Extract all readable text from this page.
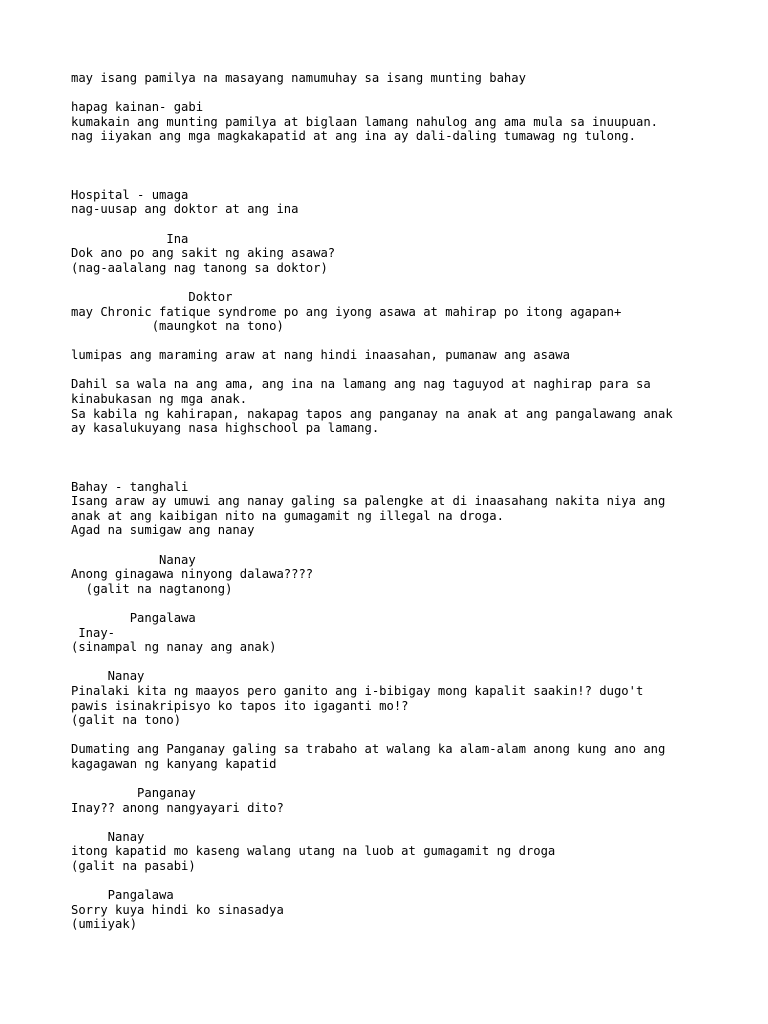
may isang pamilya na masayang namumuhay sa isang munting bahay
hapag kainan- gabi
kumakain ang munting pamilya at biglaan lamang nahulog ang ama mula sa inuupuan.
nag iiyakan ang mga magkakapatid at ang ina ay dali-daling tumawag ng tulong.
Hospital - umaga
nag-uusap ang doktor at ang ina
Ina
Dok ano po ang sakit ng aking asawa?
(nag-aalalang nag tanong sa doktor)
Doktor
may Chronic fatique syndrome po ang iyong asawa at mahirap po itong agapan+
(maungkot na tono)
lumipas ang maraming araw at nang hindi inaasahan, pumanaw ang asawa
Dahil sa wala na ang ama, ang ina na lamang ang nag taguyod at naghirap para sa
kinabukasan ng mga anak.
Sa kabila ng kahirapan, nakapag tapos ang panganay na anak at ang pangalawang anak
ay kasalukuyang nasa highschool pa lamang.
Bahay - tanghali
Isang araw ay umuwi ang nanay galing sa palengke at di inaasahang nakita niya ang
anak at ang kaibigan nito na gumagamit ng illegal na droga.
Agad na sumigaw ang nanay
Nanay
Anong ginagawa ninyong dalawa????
(galit na nagtanong)
Pangalawa
Inay-
(sinampal ng nanay ang anak)
Nanay
Pinalaki kita ng maayos pero ganito ang i-bibigay mong kapalit saakin!? dugo't
pawis isinakripisyo ko tapos ito igaganti mo!?
(galit na tono)
Dumating ang Panganay galing sa trabaho at walang ka alam-alam anong kung ano ang
kagagawan ng kanyang kapatid
Panganay
Inay?? anong nangyayari dito?
Nanay
itong kapatid mo kaseng walang utang na luob at gumagamit ng droga
(galit na pasabi)
Pangalawa
Sorry kuya hindi ko sinasadya
(umiiyak)
